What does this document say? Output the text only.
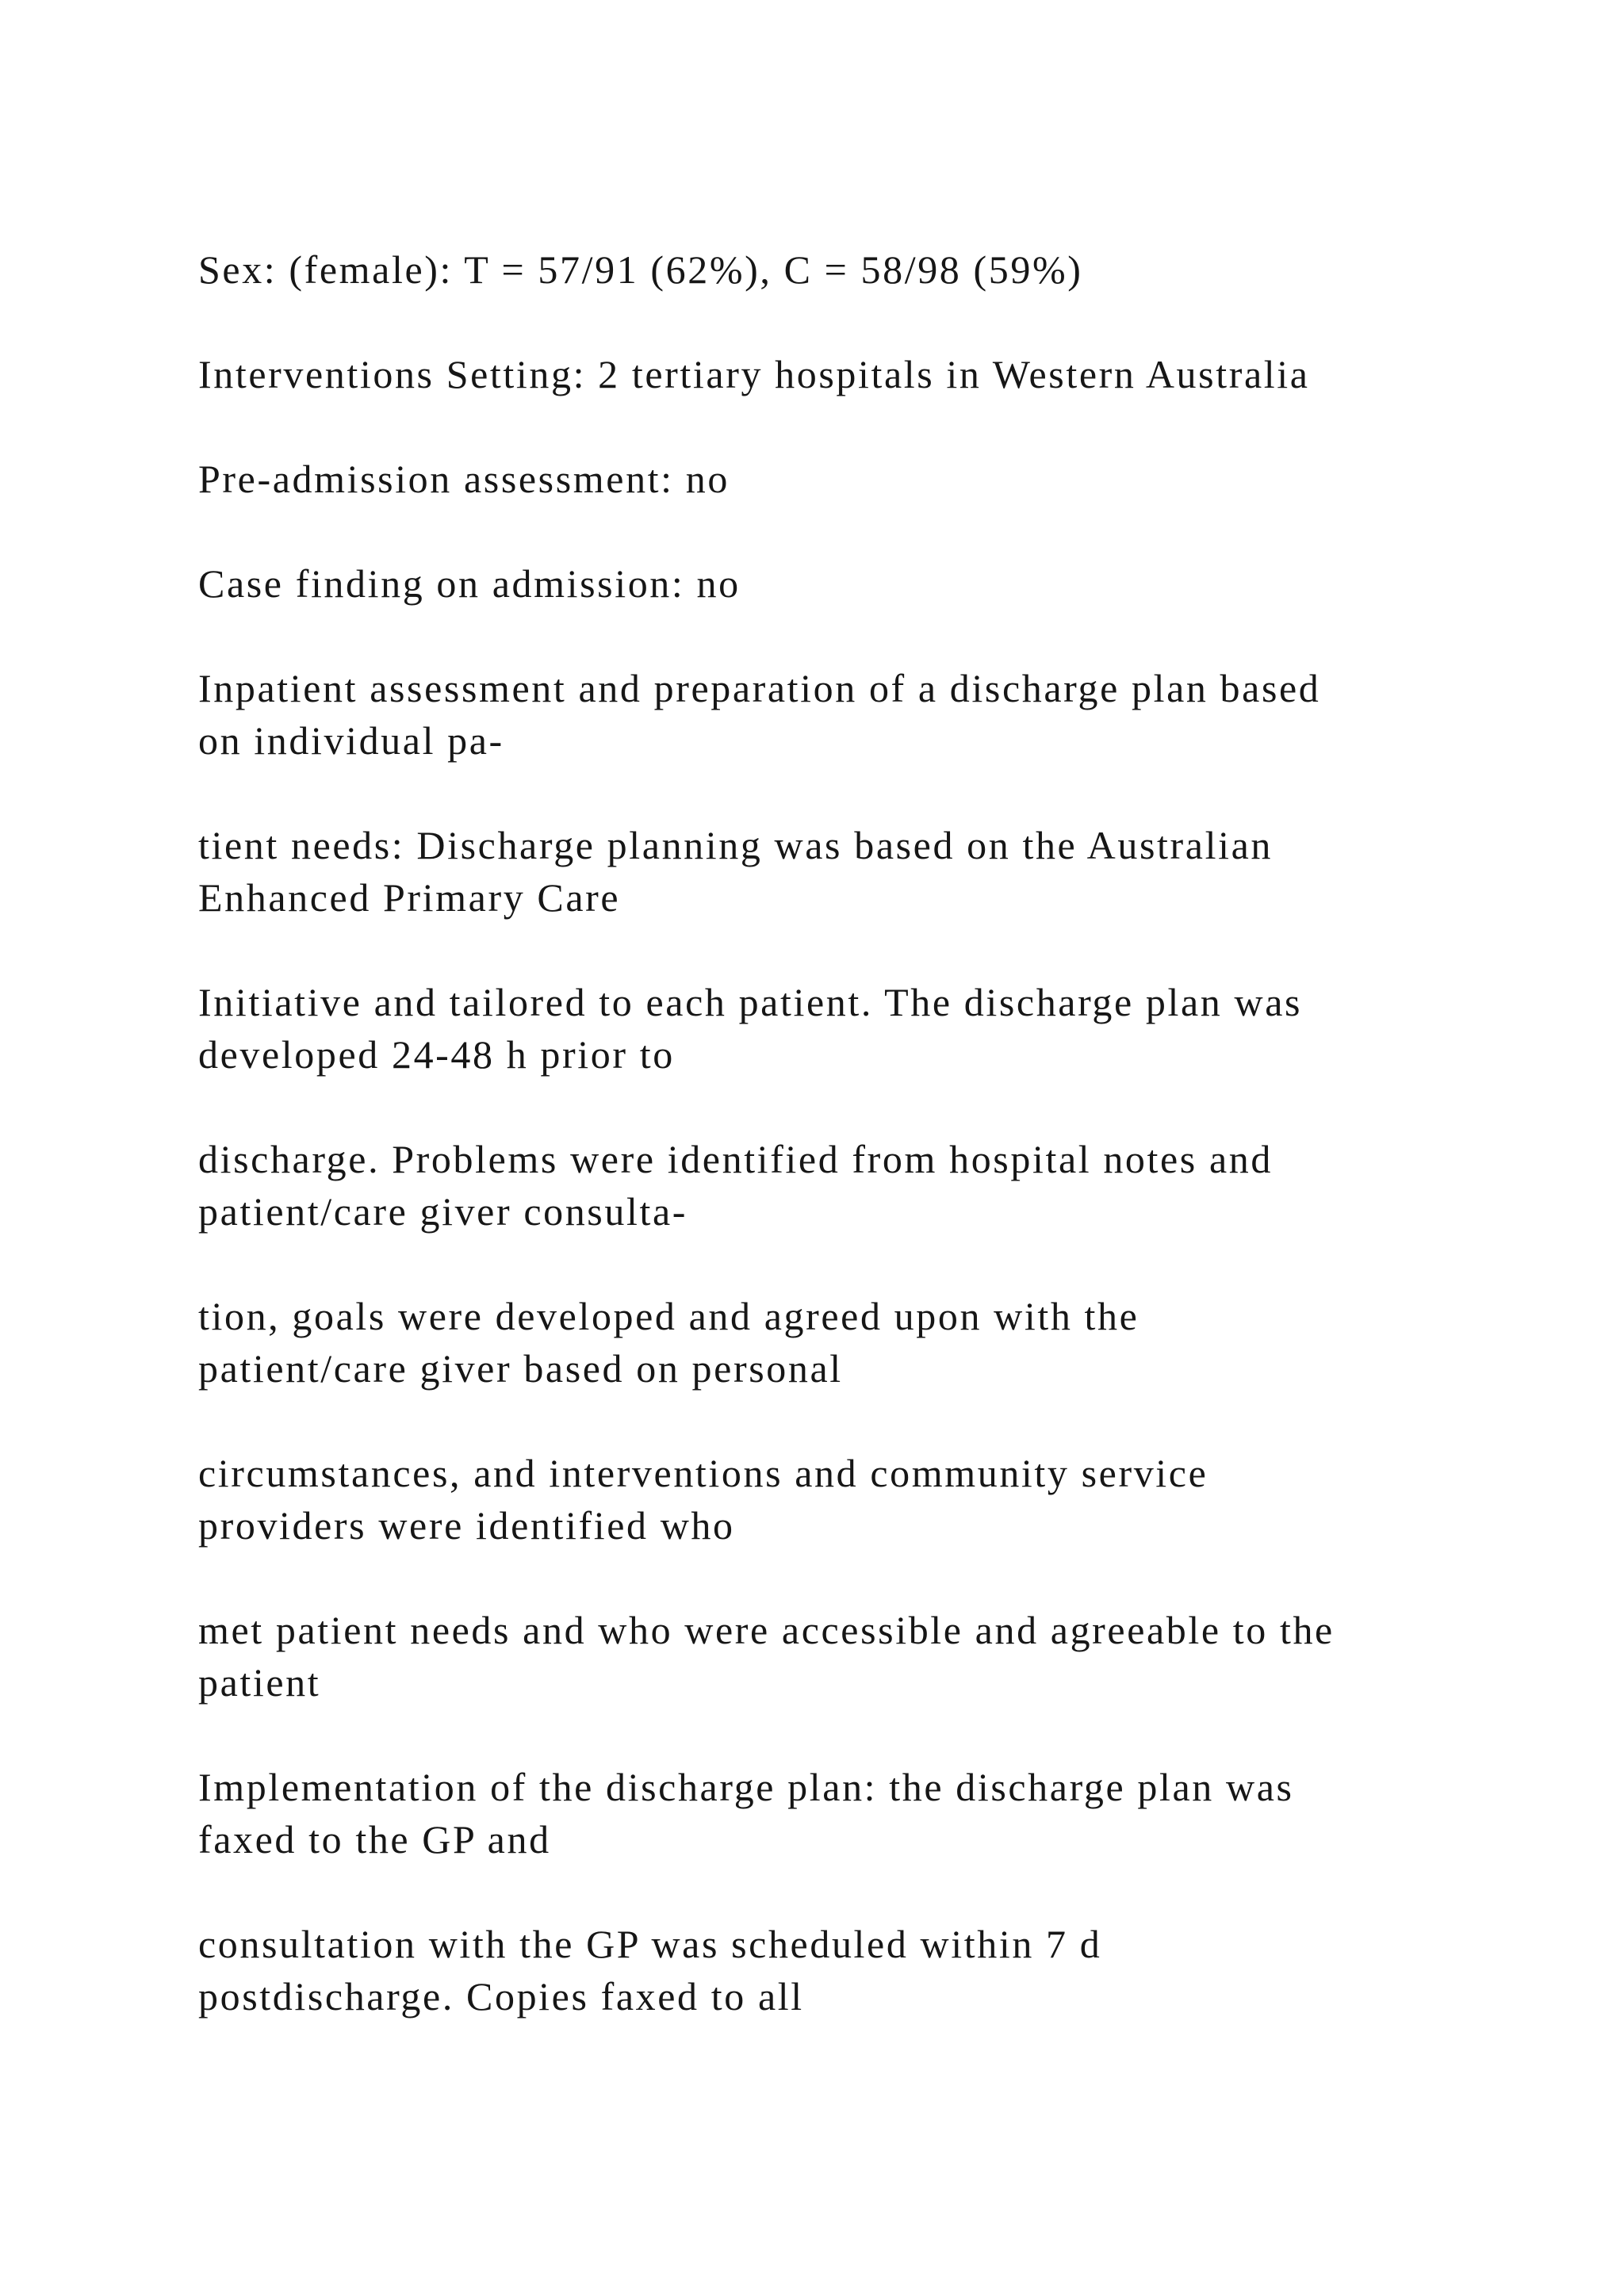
Sex: (female): T = 57/91 (62%), C = 58/98 (59%)

Interventions Setting: 2 tertiary hospitals in Western Australia

Pre-admission assessment: no

Case finding on admission: no

Inpatient assessment and preparation of a discharge plan based
on individual pa-

tient needs: Discharge planning was based on the Australian
Enhanced Primary Care

Initiative and tailored to each patient. The discharge plan was
developed 24-48 h prior to

discharge. Problems were identified from hospital notes and
patient/care giver consulta-

tion, goals were developed and agreed upon with the
patient/care giver based on personal

circumstances, and interventions and community service
providers were identified who

met patient needs and who were accessible and agreeable to the
patient

Implementation of the discharge plan: the discharge plan was
faxed to the GP and

consultation with the GP was scheduled within 7 d
postdischarge. Copies faxed to all
